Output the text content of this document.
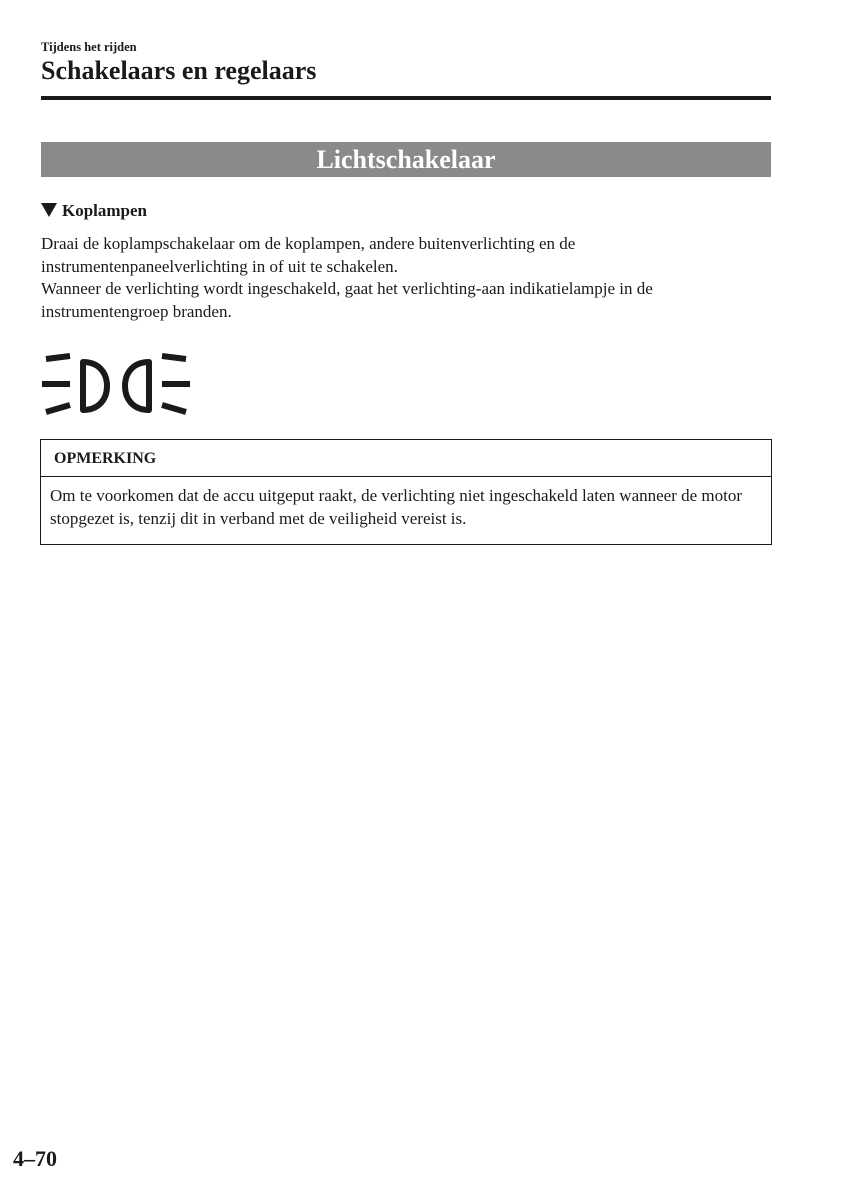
Tijdens het rijden
Schakelaars en regelaars
Lichtschakelaar
Koplampen

Draai de koplampschakelaar om de koplampen, andere buitenverlichting en de instrumentenpaneelverlichting in of uit te schakelen.

Wanneer de verlichting wordt ingeschakeld, gaat het verlichting-aan indikatielampje in de instrumentengroep branden.

OPMERKING
Om te voorkomen dat de accu uitgeput raakt, de verlichting niet ingeschakeld laten wanneer de motor stopgezet is, tenzij dit in verband met de veiligheid vereist is.
4–70
